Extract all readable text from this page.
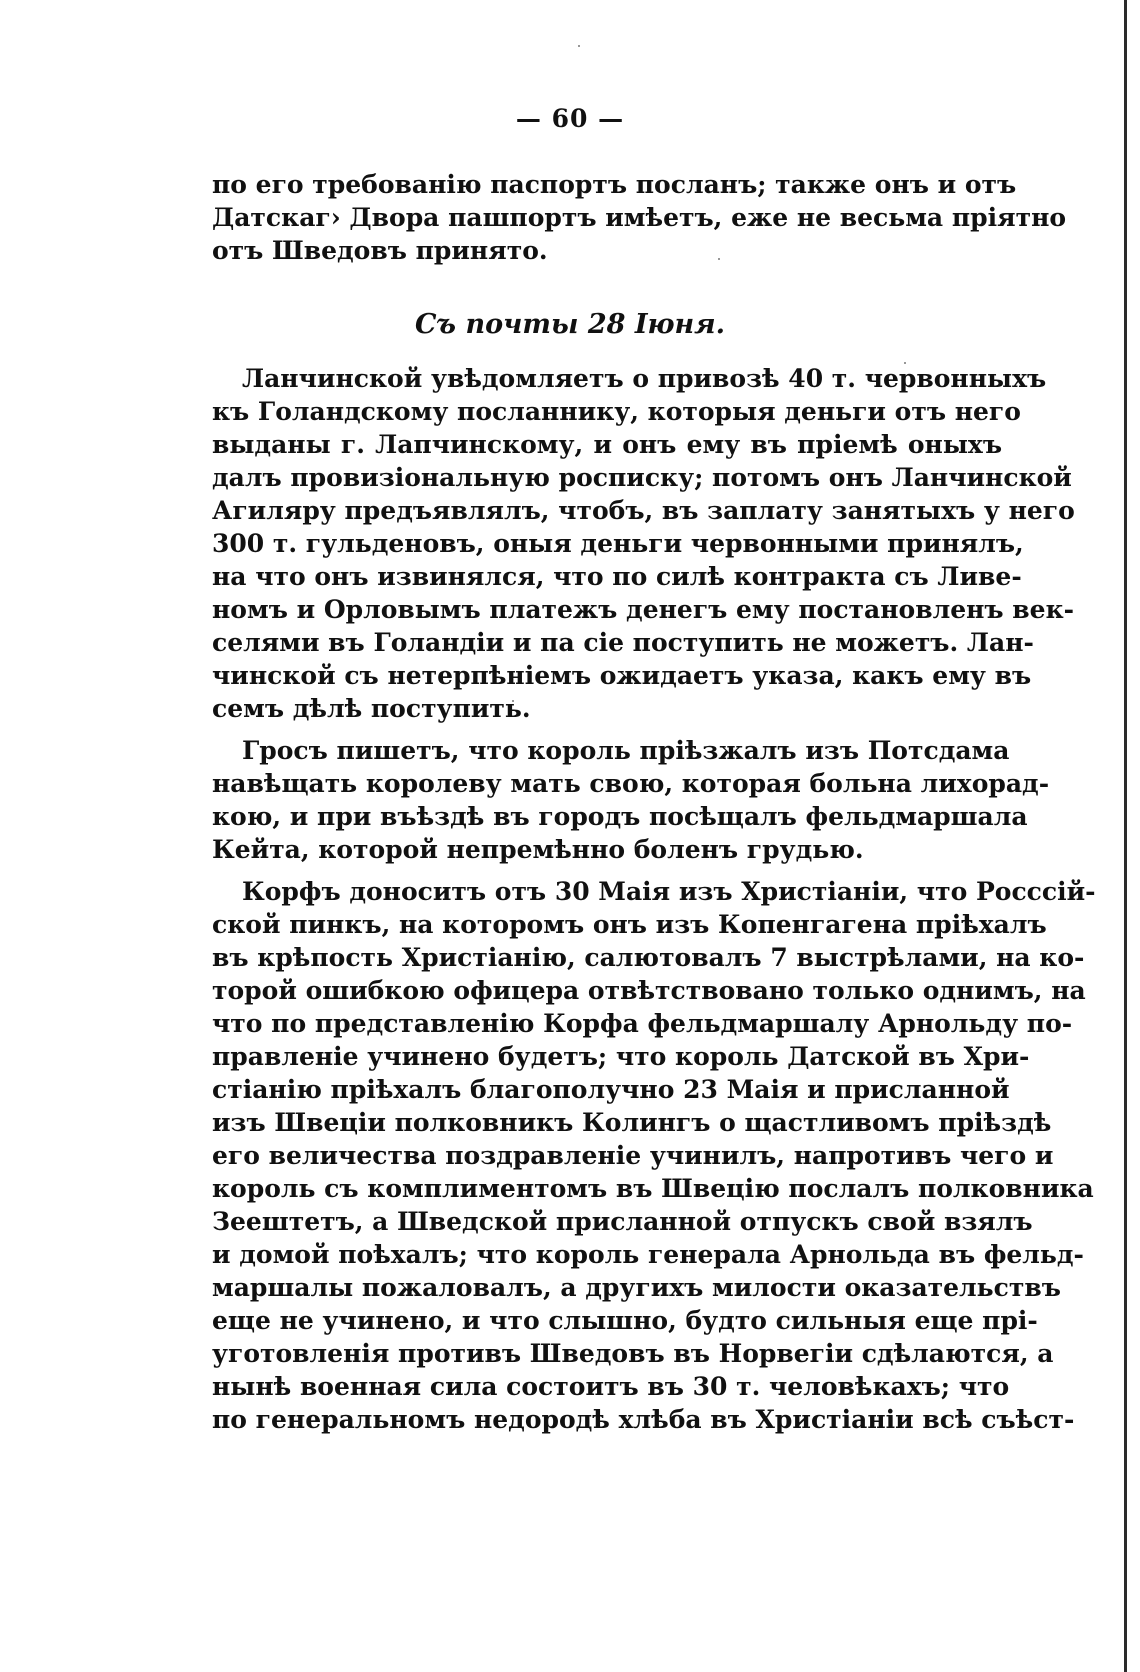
— 60 —
по его требованію паспортъ посланъ; также онъ и отъ
Датскаг› Двора пашпортъ имѣетъ, еже не весьма пріятно
отъ Шведовъ принято.
Съ почты 28 Іюня.
Ланчинской увѣдомляетъ о привозѣ 40 т. червонныхъ
къ Голандскому посланнику, которыя деньги отъ него
выданы г. Лапчинскому, и онъ ему въ пріемѣ оныхъ
далъ провизіональную росписку; потомъ онъ Ланчинской
Агиляру предъявлялъ, чтобъ, въ заплату занятыхъ у него
300 т. гульденовъ, оныя деньги червонными принялъ,
на что онъ извинялся, что по силѣ контракта съ Ливе-
номъ и Орловымъ платежъ денегъ ему постановленъ век-
селями въ Голандіи и па сіе поступить не можетъ. Лан-
чинской съ нетерпѣніемъ ожидаетъ указа, какъ ему въ
семъ дѣлѣ поступить.
Гросъ пишетъ, что король пріѣзжалъ изъ Потсдама
навѣщать королеву мать свою, которая больна лихорад-
кою, и при въѣздѣ въ городъ посѣщалъ фельдмаршала
Кейта, которой непремѣнно боленъ грудью.
Корфъ доноситъ отъ 30 Маія изъ Христіаніи, что Росссій-
ской пинкъ, на которомъ онъ изъ Копенгагена пріѣхалъ
въ крѣпость Христіанію, салютовалъ 7 выстрѣлами, на ко-
торой ошибкою офицера отвѣтствовано только однимъ, на
что по представленію Корфа фельдмаршалу Арнольду по-
правленіе учинено будетъ; что король Датской въ Хри-
стіанію пріѣхалъ благополучно 23 Маія и присланной
изъ Швеціи полковникъ Колингъ о щастливомъ пріѣздѣ
его величества поздравленіе учинилъ, напротивъ чего и
король съ комплиментомъ въ Швецію послалъ полковника
Зеештетъ, а Шведской присланной отпускъ свой взялъ
и домой поѣхалъ; что король генерала Арнольда въ фельд-
маршалы пожаловалъ, а другихъ милости оказательствъ
еще не учинено, и что слышно, будто сильныя еще прі-
уготовленія противъ Шведовъ въ Норвегіи сдѣлаются, а
нынѣ военная сила состоитъ въ 30 т. человѣкахъ; что
по генеральномъ недородѣ хлѣба въ Христіаніи всѣ съѣст-
